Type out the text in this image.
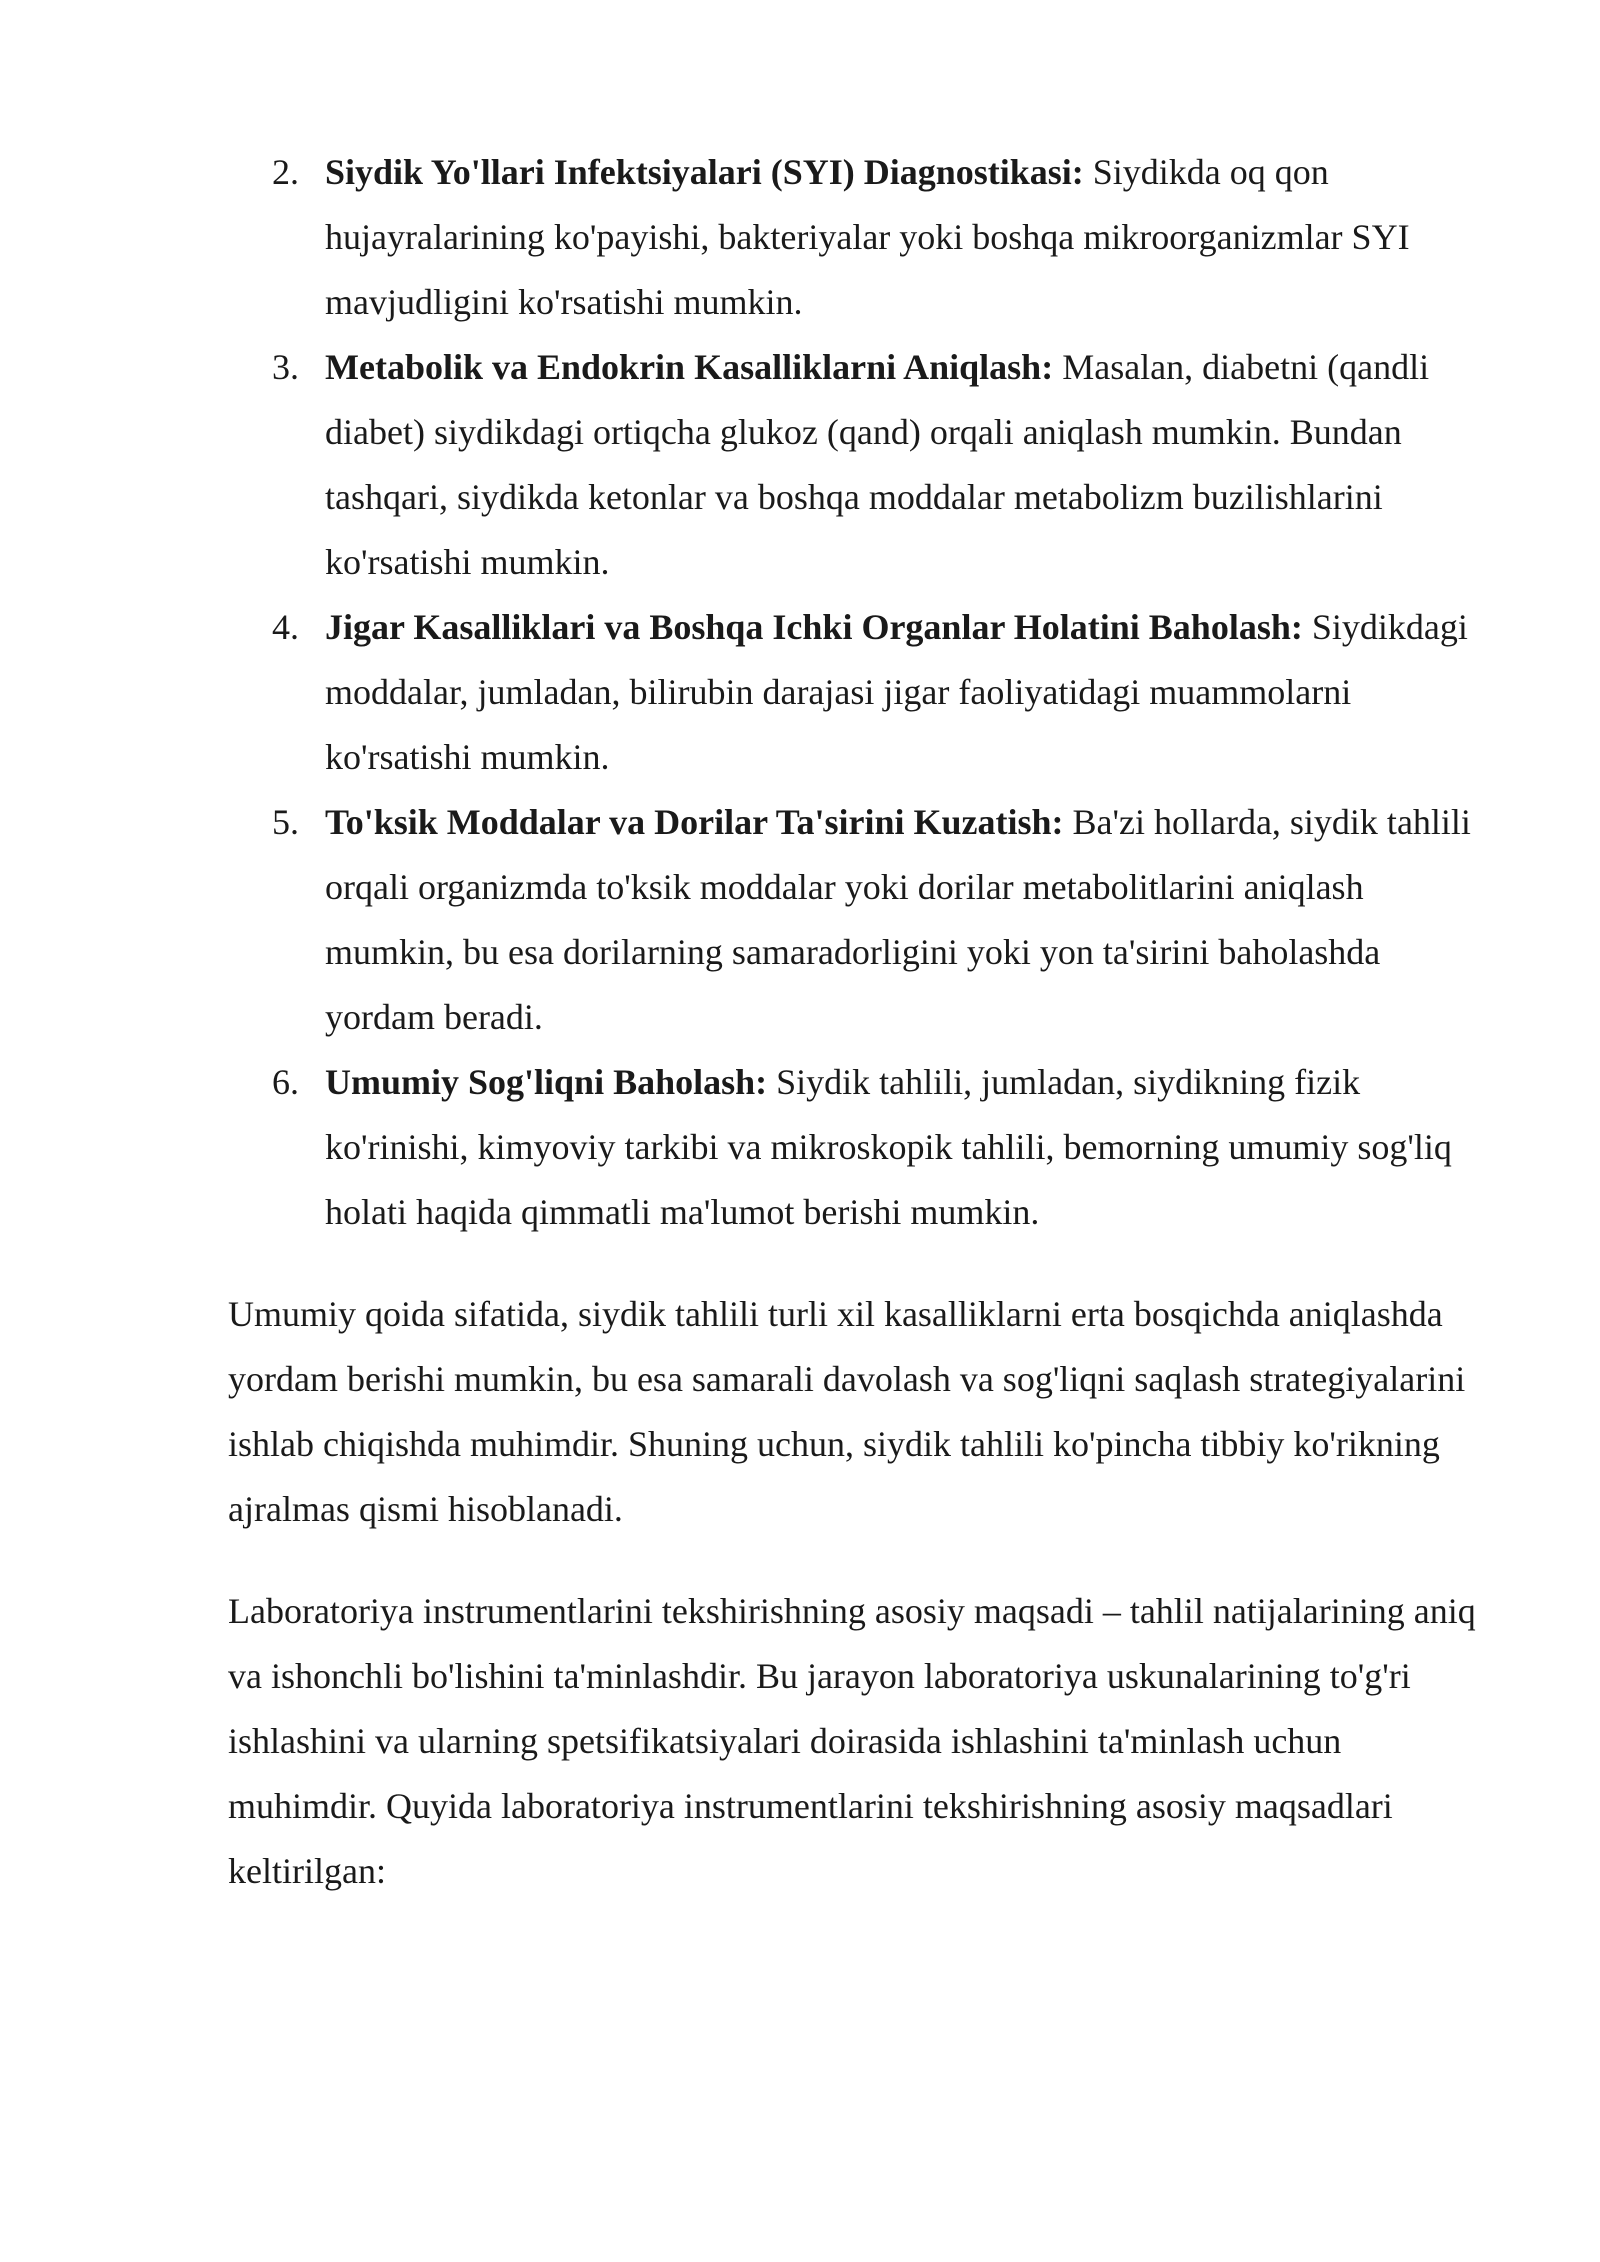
2. Siydik Yo'llari Infektsiyalari (SYI) Diagnostikasi: Siydikda oq qon hujayralarining ko'payishi, bakteriyalar yoki boshqa mikroorganizmlar SYI mavjudligini ko'rsatishi mumkin.
3. Metabolik va Endokrin Kasalliklarni Aniqlash: Masalan, diabetni (qandli diabet) siydikdagi ortiqcha glukoz (qand) orqali aniqlash mumkin. Bundan tashqari, siydikda ketonlar va boshqa moddalar metabolizm buzilishlarini ko'rsatishi mumkin.
4. Jigar Kasalliklari va Boshqa Ichki Organlar Holatini Baholash: Siydikdagi moddalar, jumladan, bilirubin darajasi jigar faoliyatidagi muammolarni ko'rsatishi mumkin.
5. To'ksik Moddalar va Dorilar Ta'sirini Kuzatish: Ba'zi hollarda, siydik tahlili orqali organizmda to'ksik moddalar yoki dorilar metabolitlarini aniqlash mumkin, bu esa dorilarning samaradorligini yoki yon ta'sirini baholashda yordam beradi.
6. Umumiy Sog'liqni Baholash: Siydik tahlili, jumladan, siydikning fizik ko'rinishi, kimyoviy tarkibi va mikroskopik tahlili, bemorning umumiy sog'liq holati haqida qimmatli ma'lumot berishi mumkin.

Umumiy qoida sifatida, siydik tahlili turli xil kasalliklarni erta bosqichda aniqlashda yordam berishi mumkin, bu esa samarali davolash va sog'liqni saqlash strategiyalarini ishlab chiqishda muhimdir. Shuning uchun, siydik tahlili ko'pincha tibbiy ko'rikning ajralmas qismi hisoblanadi.

Laboratoriya instrumentlarini tekshirishning asosiy maqsadi – tahlil natijalarining aniq va ishonchli bo'lishini ta'minlashdir. Bu jarayon laboratoriya uskunalarining to'g'ri ishlashini va ularning spetsifikatsiyalari doirasida ishlashini ta'minlash uchun muhimdir. Quyida laboratoriya instrumentlarini tekshirishning asosiy maqsadlari keltirilgan:
